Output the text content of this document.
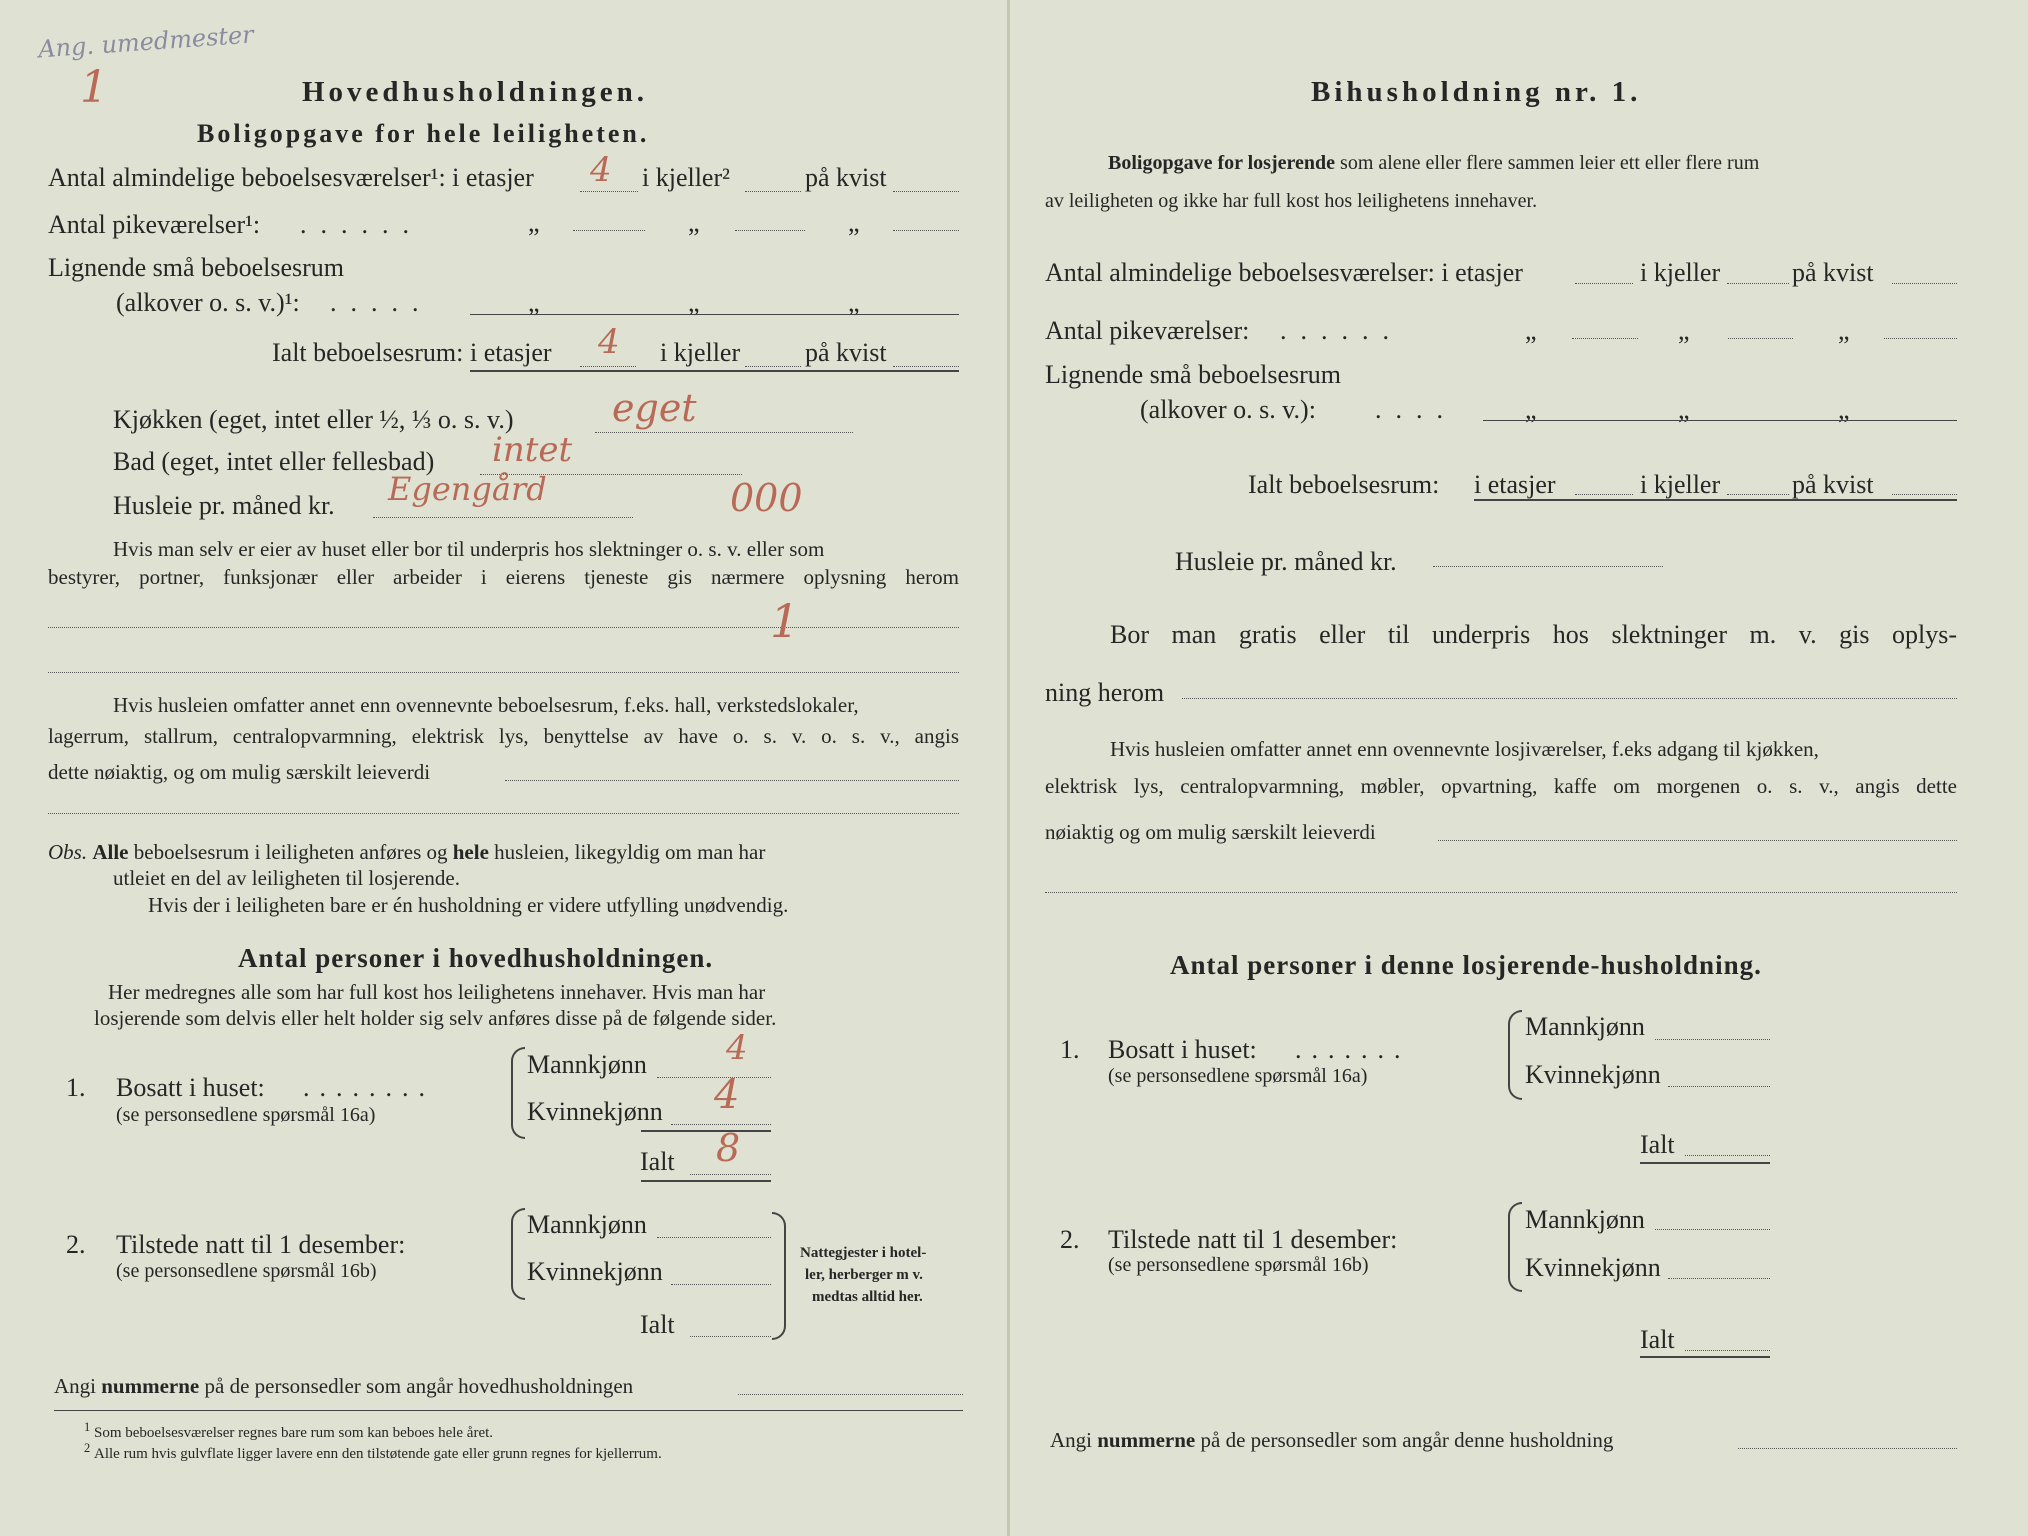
Ang. umedmester
1	Hovedhusholdningen.
Boligopgave for hele leiligheten.
Antal almindelige beboelsesværelser¹: i etasjer 4 i kjeller²	på kvist
Antal pikeværelser¹: ......	„	„	„
Lignende små beboelsesrum
(alkover o. s. v.)¹: .....	„	„	„
Ialt beboelsesrum: i etasjer 4 i kjeller på kvist
Kjøkken (eget, intet eller ½, ⅓ o. s. v.)	eget
Bad (eget, intet eller fellesbad) intet
Husleie pr. måned kr. Egengård	000
Hvis man selv er eier av huset eller bor til underpris hos slektninger o. s. v. eller som
bestyrer, portner, funksjonær eller arbeider i eierens tjeneste gis nærmere oplysning herom
1
Hvis husleien omfatter annet enn ovennevnte beboelsesrum, f.eks. hall, verkstedslokaler,
lagerrum, stallrum, centralopvarmning, elektrisk lys, benyttelse av have o. s. v. o. s. v., angis
dette nøiaktig, og om mulig særskilt leieverdi
Obs. Alle beboelsesrum i leiligheten anføres og hele husleien, likegyldig om man har
utleiet en del av leiligheten til losjerende.
Hvis der i leiligheten bare er én husholdning er videre utfylling unødvendig.
Antal personer i hovedhusholdningen.
Her medregnes alle som har full kost hos leilighetens innehaver. Hvis man har
losjerende som delvis eller helt holder sig selv anføres disse på de følgende sider.
1. Bosatt i huset: ........
(se personsedlene spørsmål 16a)
Mannkjønn 4
Kvinnekjønn 4
Ialt 8
2. Tilstede natt til 1 desember:
(se personsedlene spørsmål 16b)
Mannkjønn
Kvinnekjønn
Ialt
Nattegjester i hotel-
ler, herberger m v.
medtas alltid her.
Angi nummerne på de personsedler som angår hovedhusholdningen
$^1$ Som beboelsesværelser regnes bare rum som kan beboes hele året.
$^2$ Alle rum hvis gulvflate ligger lavere enn den tilstøtende gate eller grunn regnes for kjellerrum.
Bihusholdning nr. 1.
Boligopgave for losjerende som alene eller flere sammen leier ett eller flere rum
av leiligheten og ikke har full kost hos leilighetens innehaver.
Antal almindelige beboelsesværelser: i etasjer	i kjeller	på kvist
Antal pikeværelser: ......	„	„	„
Lignende små beboelsesrum
(alkover o. s. v.): ....	„	„	„
Ialt beboelsesrum: i etasjer	i kjeller	på kvist
Husleie pr. måned kr.
Bor man gratis eller til underpris hos slektninger m. v. gis oplys-
ning herom
Hvis husleien omfatter annet enn ovennevnte losjiværelser, f.eks adgang til kjøkken,
elektrisk lys, centralopvarmning, møbler, opvartning, kaffe om morgenen o. s. v., angis dette
nøiaktig og om mulig særskilt leieverdi
Antal personer i denne losjerende-husholdning.
1. Bosatt i huset: .......
(se personsedlene spørsmål 16a)
Mannkjønn
Kvinnekjønn
Ialt
2. Tilstede natt til 1 desember:
(se personsedlene spørsmål 16b)
Mannkjønn
Kvinnekjønn
Ialt
Angi nummerne på de personsedler som angår denne husholdning
